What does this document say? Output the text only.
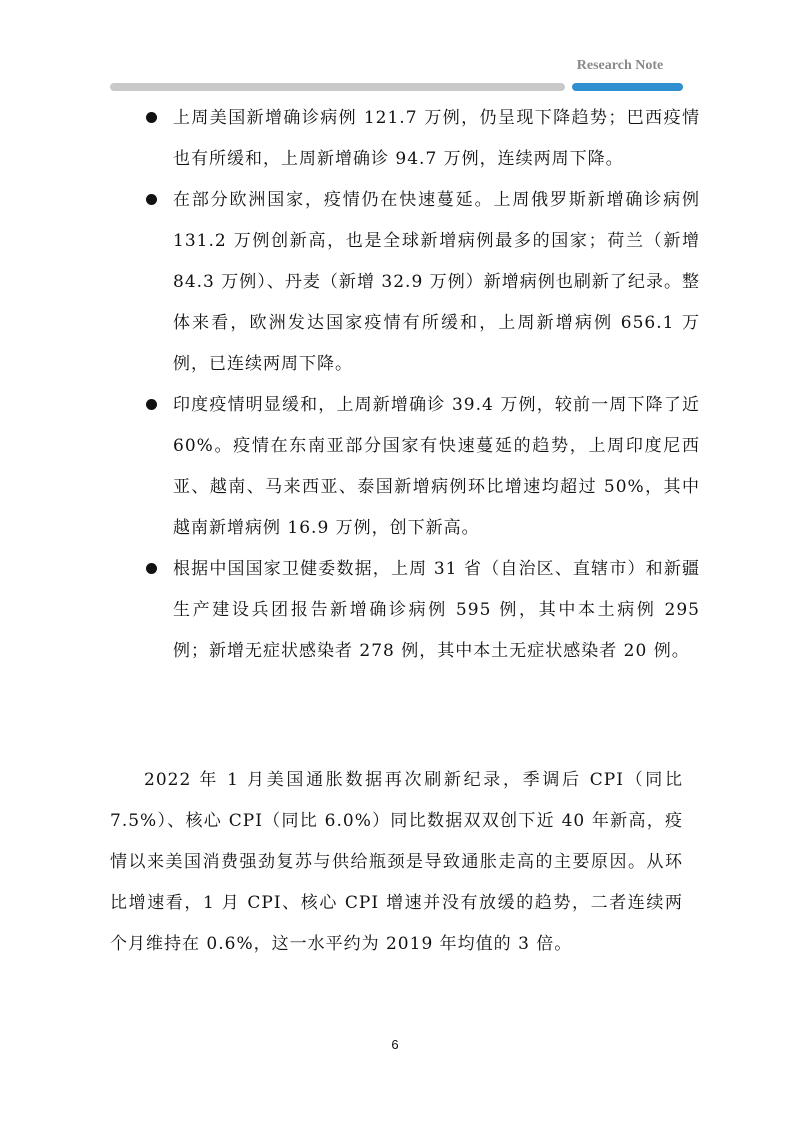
Research Note

上周美国新增确诊病例 121.7 万例，仍呈现下降趋势；巴西疫情也有所缓和，上周新增确诊 94.7 万例，连续两周下降。

在部分欧洲国家，疫情仍在快速蔓延。上周俄罗斯新增确诊病例 131.2 万例创新高，也是全球新增病例最多的国家；荷兰（新增 84.3 万例）、丹麦（新增 32.9 万例）新增病例也刷新了纪录。整体来看，欧洲发达国家疫情有所缓和，上周新增病例 656.1 万例，已连续两周下降。

印度疫情明显缓和，上周新增确诊 39.4 万例，较前一周下降了近 60%。疫情在东南亚部分国家有快速蔓延的趋势，上周印度尼西亚、越南、马来西亚、泰国新增病例环比增速均超过 50%，其中越南新增病例 16.9 万例，创下新高。

根据中国国家卫健委数据，上周 31 省（自治区、直辖市）和新疆生产建设兵团报告新增确诊病例 595 例，其中本土病例 295 例；新增无症状感染者 278 例，其中本土无症状感染者 20 例。

2022 年 1 月美国通胀数据再次刷新纪录，季调后 CPI（同比 7.5%）、核心 CPI（同比 6.0%）同比数据双双创下近 40 年新高，疫情以来美国消费强劲复苏与供给瓶颈是导致通胀走高的主要原因。从环比增速看，1 月 CPI、核心 CPI 增速并没有放缓的趋势，二者连续两个月维持在 0.6%，这一水平约为 2019 年均值的 3 倍。

6
